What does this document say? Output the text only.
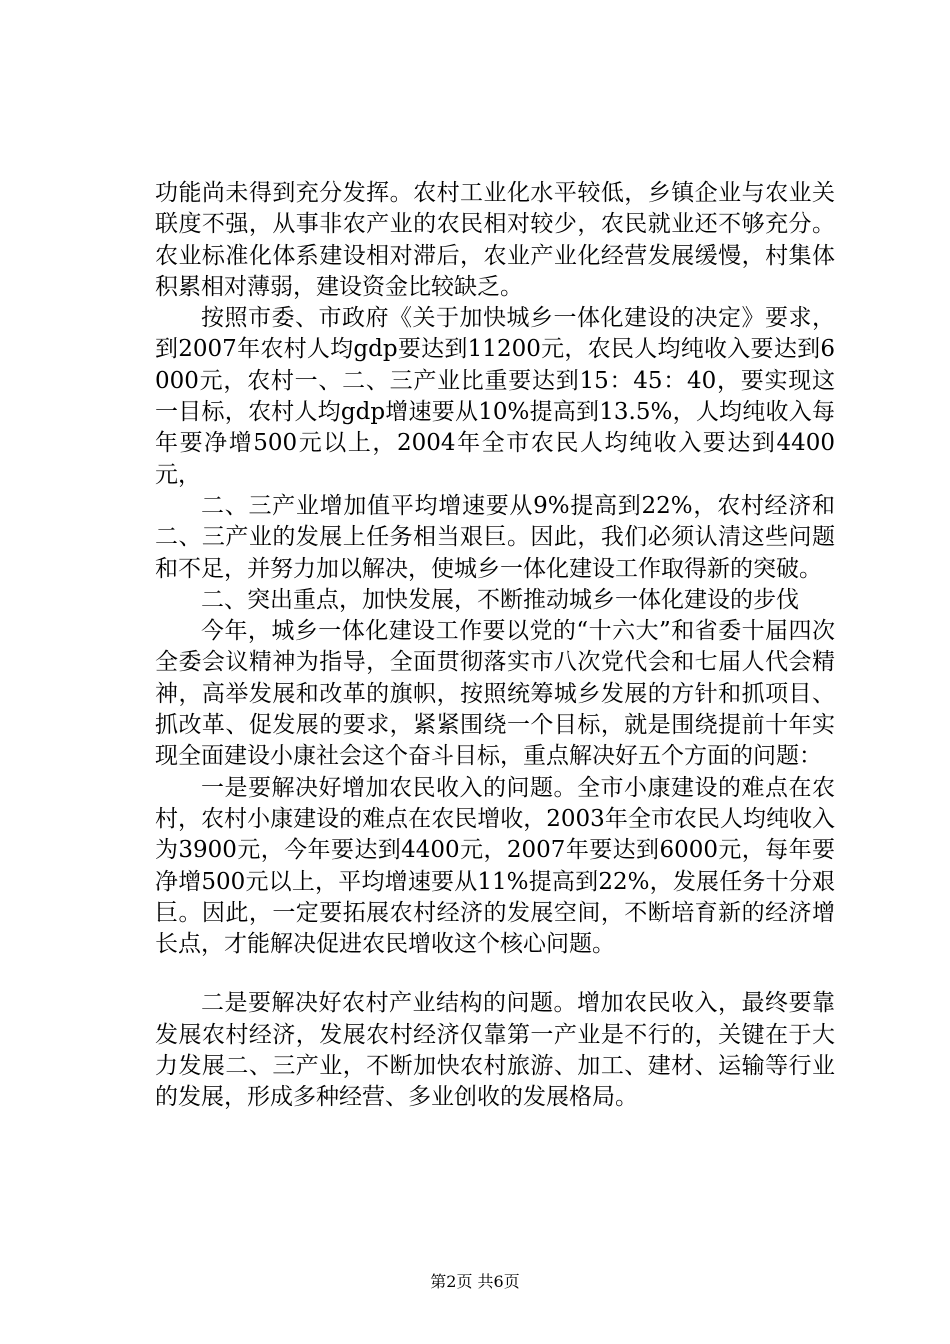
功能尚未得到充分发挥。农村工业化水平较低，乡镇企业与农业关联度不强，从事非农产业的农民相对较少，农民就业还不够充分。农业标准化体系建设相对滞后，农业产业化经营发展缓慢，村集体积累相对薄弱，建设资金比较缺乏。

按照市委、市政府《关于加快城乡一体化建设的决定》要求，到2007年农村人均gdp要达到11200元，农民人均纯收入要达到6000元，农村一、二、三产业比重要达到15：45：40，要实现这一目标，农村人均gdp增速要从10%提高到13.5%，人均纯收入每年要净增500元以上，2004年全市农民人均纯收入要达到4400元，

二、三产业增加值平均增速要从9%提高到22%，农村经济和二、三产业的发展上任务相当艰巨。因此，我们必须认清这些问题和不足，并努力加以解决，使城乡一体化建设工作取得新的突破。

二、突出重点，加快发展，不断推动城乡一体化建设的步伐

今年，城乡一体化建设工作要以党的“十六大”和省委十届四次全委会议精神为指导，全面贯彻落实市八次党代会和七届人代会精神，高举发展和改革的旗帜，按照统筹城乡发展的方针和抓项目、抓改革、促发展的要求，紧紧围绕一个目标，就是围绕提前十年实现全面建设小康社会这个奋斗目标，重点解决好五个方面的问题：

一是要解决好增加农民收入的问题。全市小康建设的难点在农村，农村小康建设的难点在农民增收，2003年全市农民人均纯收入为3900元，今年要达到4400元，2007年要达到6000元，每年要净增500元以上，平均增速要从11%提高到22%，发展任务十分艰巨。因此，一定要拓展农村经济的发展空间，不断培育新的经济增长点，才能解决促进农民增收这个核心问题。

二是要解决好农村产业结构的问题。增加农民收入，最终要靠发展农村经济，发展农村经济仅靠第一产业是不行的，关键在于大力发展二、三产业，不断加快农村旅游、加工、建材、运输等行业的发展，形成多种经营、多业创收的发展格局。

第2页 共6页
